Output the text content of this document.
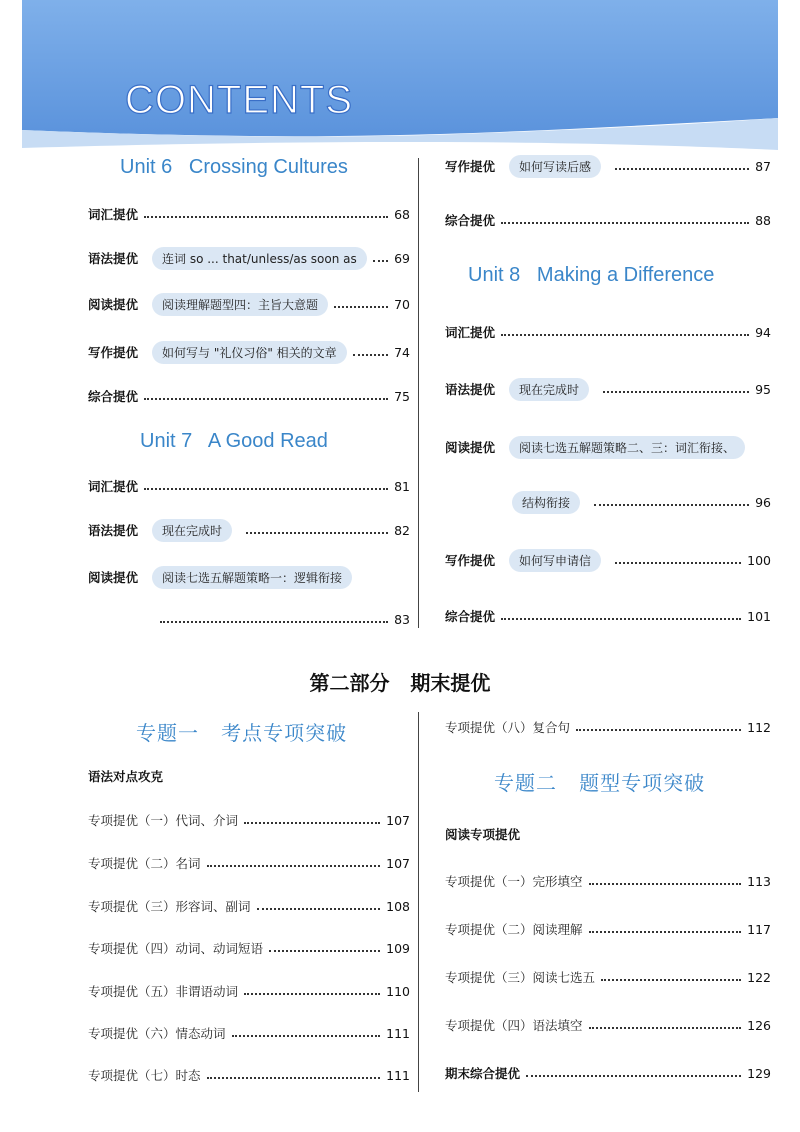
CONTENTS
Unit 6   Crossing Cultures
词汇提优	68
语法提优	连词 so ... that/unless/as soon as	69
阅读提优	阅读理解题型四：主旨大意题	70
写作提优	如何写与 "礼仪习俗" 相关的文章	74
综合提优	75
Unit 7   A Good Read
词汇提优	81
语法提优	现在完成时	82
阅读提优	阅读七选五解题策略一：逻辑衔接
83
写作提优	如何写读后感	87
综合提优	88
Unit 8   Making a Difference
词汇提优	94
语法提优	现在完成时	95
阅读提优	阅读七选五解题策略二、三：词汇衔接、
结构衔接	96
写作提优	如何写申请信	100
综合提优	101
第二部分   期末提优
专题一   考点专项突破
语法对点攻克
专项提优（一）代词、介词	107
专项提优（二）名词	107
专项提优（三）形容词、副词	108
专项提优（四）动词、动词短语	109
专项提优（五）非谓语动词	110
专项提优（六）情态动词	111
专项提优（七）时态	111
专项提优（八）复合句	112
专题二   题型专项突破
阅读专项提优
专项提优（一）完形填空	113
专项提优（二）阅读理解	117
专项提优（三）阅读七选五	122
专项提优（四）语法填空	126
期末综合提优	129
